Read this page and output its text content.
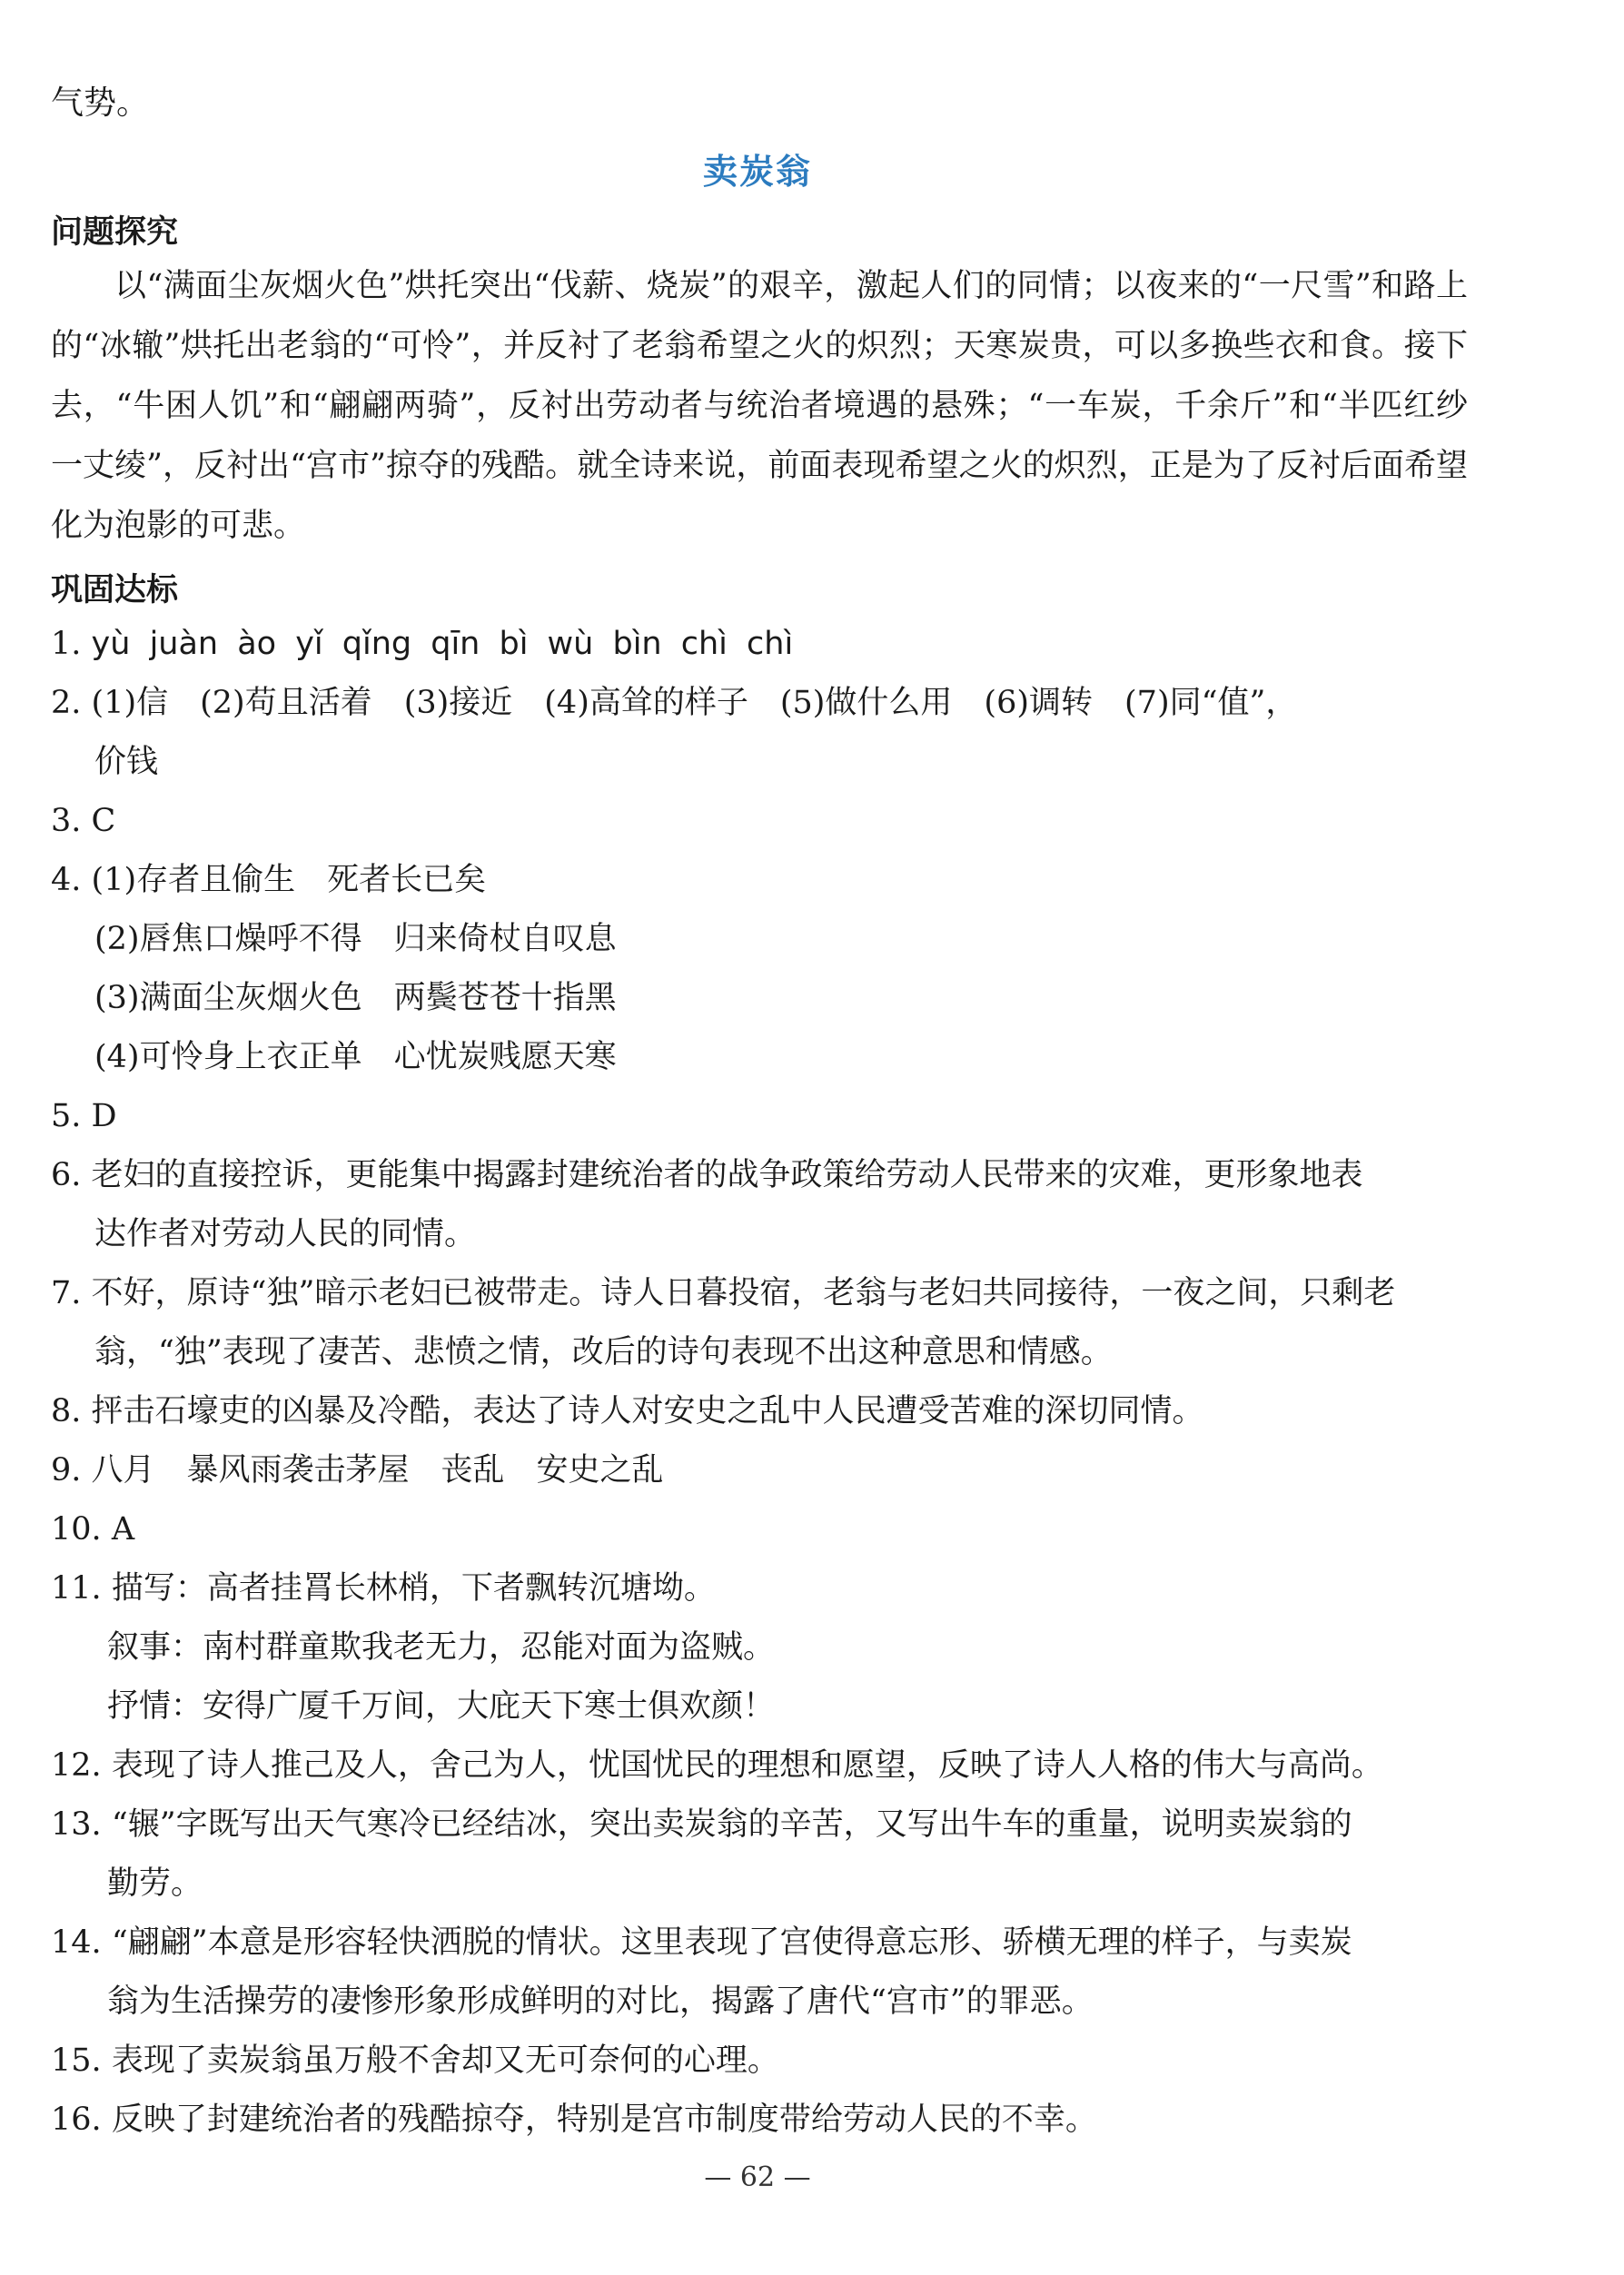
气势。
卖炭翁
问题探究
以“满面尘灰烟火色”烘托突出“伐薪、烧炭”的艰辛，激起人们的同情；以夜来的“一尺雪”和路上的“冰辙”烘托出老翁的“可怜”，并反衬了老翁希望之火的炽烈；天寒炭贵，可以多换些衣和食。接下去，“牛困人饥”和“翩翩两骑”，反衬出劳动者与统治者境遇的悬殊；“一车炭，千余斤”和“半匹红纱一丈绫”，反衬出“宫市”掠夺的残酷。就全诗来说，前面表现希望之火的炽烈，正是为了反衬后面希望化为泡影的可悲。
巩固达标
1. yù juàn ào yǐ qǐng qīn bì wù bìn chì chì
2. (1)信　(2)苟且活着　(3)接近　(4)高耸的样子　(5)做什么用　(6)调转　(7)同“值”，
价钱
3. C
4. (1)存者且偷生　死者长已矣
(2)唇焦口燥呼不得　归来倚杖自叹息
(3)满面尘灰烟火色　两鬓苍苍十指黑
(4)可怜身上衣正单　心忧炭贱愿天寒
5. D
6. 老妇的直接控诉，更能集中揭露封建统治者的战争政策给劳动人民带来的灾难，更形象地表
达作者对劳动人民的同情。
7. 不好，原诗“独”暗示老妇已被带走。诗人日暮投宿，老翁与老妇共同接待，一夜之间，只剩老
翁，“独”表现了凄苦、悲愤之情，改后的诗句表现不出这种意思和情感。
8. 抨击石壕吏的凶暴及冷酷，表达了诗人对安史之乱中人民遭受苦难的深切同情。
9. 八月　暴风雨袭击茅屋　丧乱　安史之乱
10. A
11. 描写：高者挂罥长林梢，下者飘转沉塘坳。
叙事：南村群童欺我老无力，忍能对面为盗贼。
抒情：安得广厦千万间，大庇天下寒士俱欢颜！
12. 表现了诗人推己及人，舍己为人，忧国忧民的理想和愿望，反映了诗人人格的伟大与高尚。
13. “辗”字既写出天气寒冷已经结冰，突出卖炭翁的辛苦，又写出牛车的重量，说明卖炭翁的
勤劳。
14. “翩翩”本意是形容轻快洒脱的情状。这里表现了宫使得意忘形、骄横无理的样子，与卖炭
翁为生活操劳的凄惨形象形成鲜明的对比，揭露了唐代“宫市”的罪恶。
15. 表现了卖炭翁虽万般不舍却又无可奈何的心理。
16. 反映了封建统治者的残酷掠夺，特别是宫市制度带给劳动人民的不幸。
— 62 —
